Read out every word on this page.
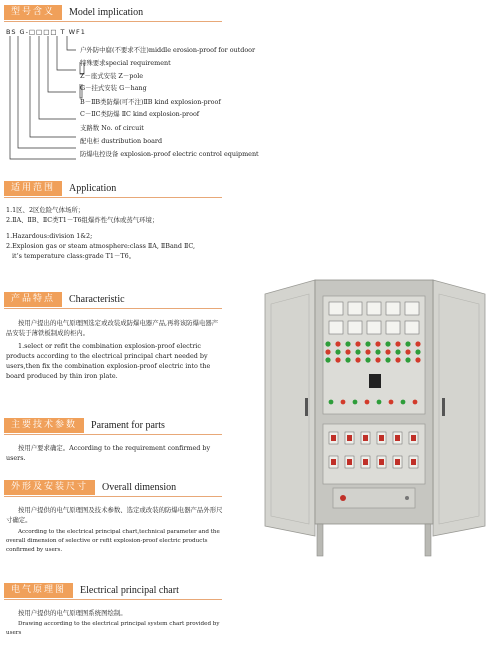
型号含义	Model implication
BS G-□□□□ T WF1
户外防中腐(不要求不注)middle erosion-proof for outdoor
特殊要求special requirement
Z－座式安装 Z－pole
G－挂式安装 G－hang
B－ⅡB类防爆(可不注)ⅡB kind explosion-proof
C－ⅡC类防爆 ⅡC kind explosion-proof
支路数 No. of circuit
配电柜 dustribution board
防爆电控设备 explosion-proof electric control equipment
适用范围	Application

1.1区、2区危险气体场所；

2.ⅡA、ⅡB、ⅡC类T1－T6组爆炸性气体或蒸气环境；

1.Hazardous:division 1&2;

2.Explosion gas or steam atmosphere:class ⅡA, ⅡBand ⅡC,

it’s temperature class:grade T1－T6。

产品特点	Characteristic

按用户提出的电气原理图选定或改装成防爆电器产品,再将该防爆电器产品安装于薄铁板制成的柜内。

1.select or refit the combination explosion-proof electric products according to the electrical principal chart needed by users,then fix the combination explosion-proof electric into the board produced by thin iron plate.

主要技术参数	Parament for parts

按用户要求确定。According to the requirement confirmed by users.

外形及安装尺寸	Overall dimension

按用户提供的电气原理图及技术参数、选定或改装的防爆电器产品外形尺寸确定。

According to the electrical principal chart,technical parameter and the overall dimension of selective or refit explosion-proof electric products confirmed by users.

电气原理图	Electrical principal chart

按用户提供的电气原理图系统图绘制。

Drawing according to the electrical principal system chart provided by users
